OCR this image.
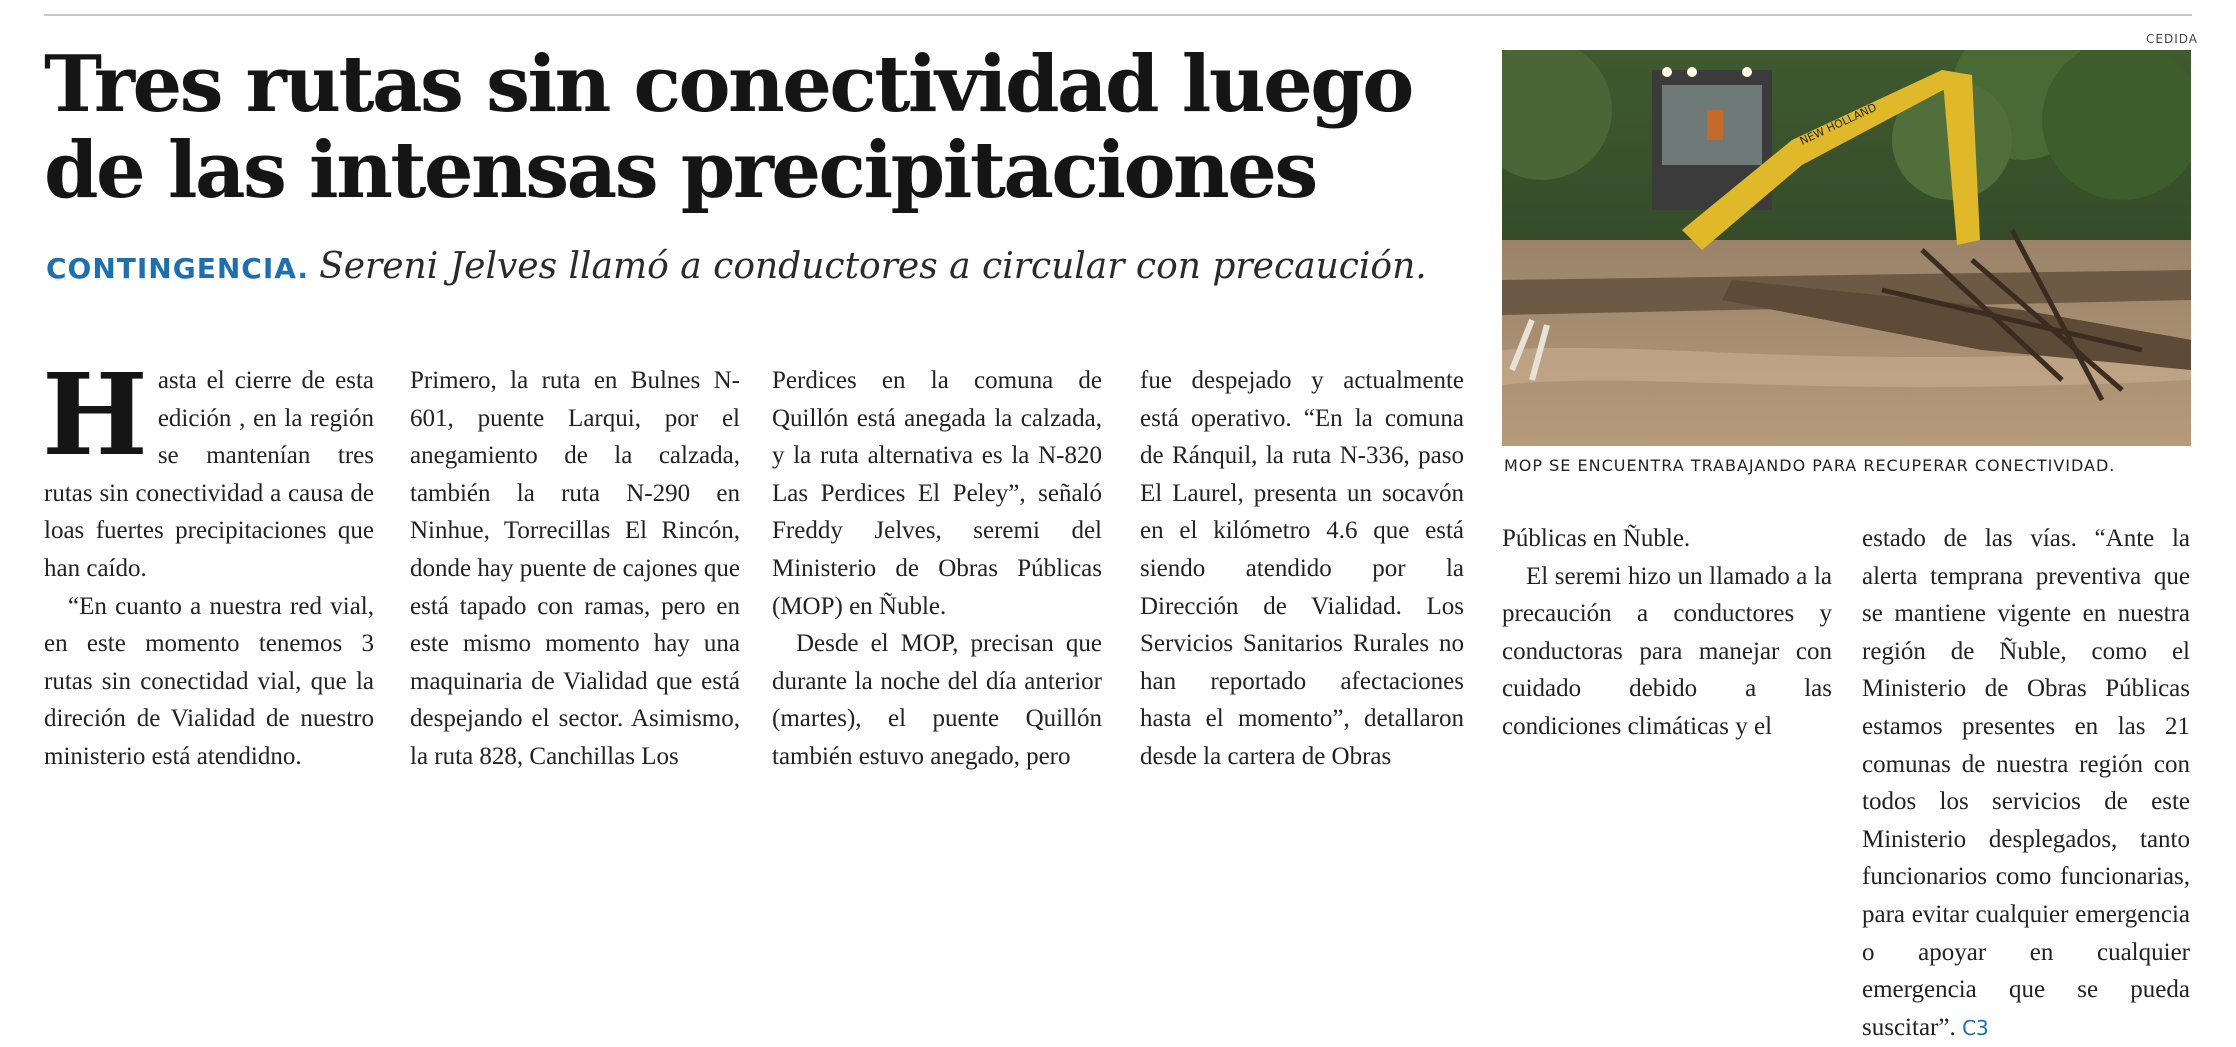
Tres rutas sin conectividad luego de las intensas precipitaciones
CONTINGENCIA. Sereni Jelves llamó a conductores a circular con precaución.
Hasta el cierre de esta edición , en la región se mantenían tres rutas sin conectividad a causa de loas fuertes precipitaciones que han caído.
“En cuanto a nuestra red vial, en este momento tenemos 3 rutas sin conectidad vial, que la direción de Vialidad de nuestro ministerio está atendidno.
Primero, la ruta en Bulnes N-601, puente Larqui, por el anegamiento de la calzada, también la ruta N-290 en Ninhue, Torrecillas El Rincón, donde hay puente de cajones que está tapado con ramas, pero en este mismo momento hay una maquinaria de Vialidad que está despejando el sector. Asimismo, la ruta 828, Canchillas Los
Perdices en la comuna de Quillón está anegada la calzada, y la ruta alternativa es la N-820 Las Perdices El Peley”, señaló Freddy Jelves, seremi del Ministerio de Obras Públicas (MOP) en Ñuble.
Desde el MOP, precisan que durante la noche del día anterior (martes), el puente Quillón también estuvo anegado, pero
fue despejado y actualmente está operativo. “En la comuna de Ránquil, la ruta N-336, paso El Laurel, presenta un socavón en el kilómetro 4.6 que está siendo atendido por la Dirección de Vialidad. Los Servicios Sanitarios Rurales no han reportado afectaciones hasta el momento”, detallaron desde la cartera de Obras
Públicas en Ñuble.
El seremi hizo un llamado a la precaución a conductores y conductoras para manejar con cuidado debido a las condiciones climáticas y el
estado de las vías. “Ante la alerta temprana preventiva que se mantiene vigente en nuestra región de Ñuble, como el Ministerio de Obras Públicas estamos presentes en las 21 comunas de nuestra región con todos los servicios de este Ministerio desplegados, tanto funcionarios como funcionarias, para evitar cualquier emergencia o apoyar en cualquier emergencia que se pueda suscitar”. C3
CEDIDA
NEW HOLLAND
MOP SE ENCUENTRA TRABAJANDO PARA RECUPERAR CONECTIVIDAD.
